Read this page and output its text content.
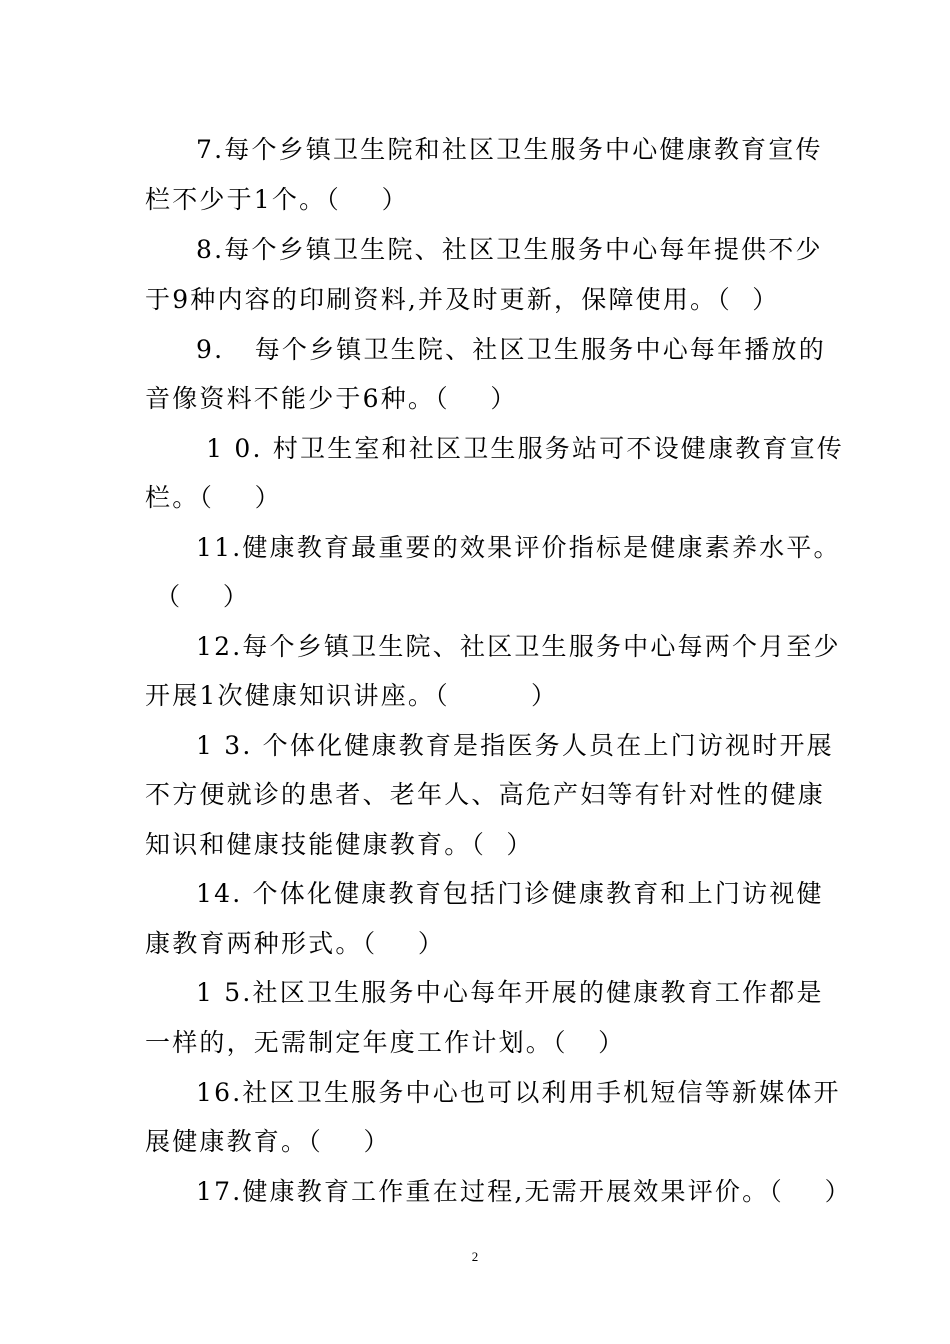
7.每个乡镇卫生院和社区卫生服务中心健康教育宣传
栏不少于1个。（    ）
8.每个乡镇卫生院、社区卫生服务中心每年提供不少
于9种内容的印刷资料,并及时更新，保障使用。（  ）
9.   每个乡镇卫生院、社区卫生服务中心每年播放的
音像资料不能少于6种。（    ）
1 0. 村卫生室和社区卫生服务站可不设健康教育宣传
栏。（    ）
11.健康教育最重要的效果评价指标是健康素养水平。
（    ）
12.每个乡镇卫生院、社区卫生服务中心每两个月至少
开展1次健康知识讲座。（        ）
1 3. 个体化健康教育是指医务人员在上门访视时开展
不方便就诊的患者、老年人、高危产妇等有针对性的健康
知识和健康技能健康教育。（  ）
14. 个体化健康教育包括门诊健康教育和上门访视健
康教育两种形式。（    ）
1 5.社区卫生服务中心每年开展的健康教育工作都是
一样的，无需制定年度工作计划。（   ）
16.社区卫生服务中心也可以利用手机短信等新媒体开
展健康教育。（    ）
17.健康教育工作重在过程,无需开展效果评价。（    ）
2
